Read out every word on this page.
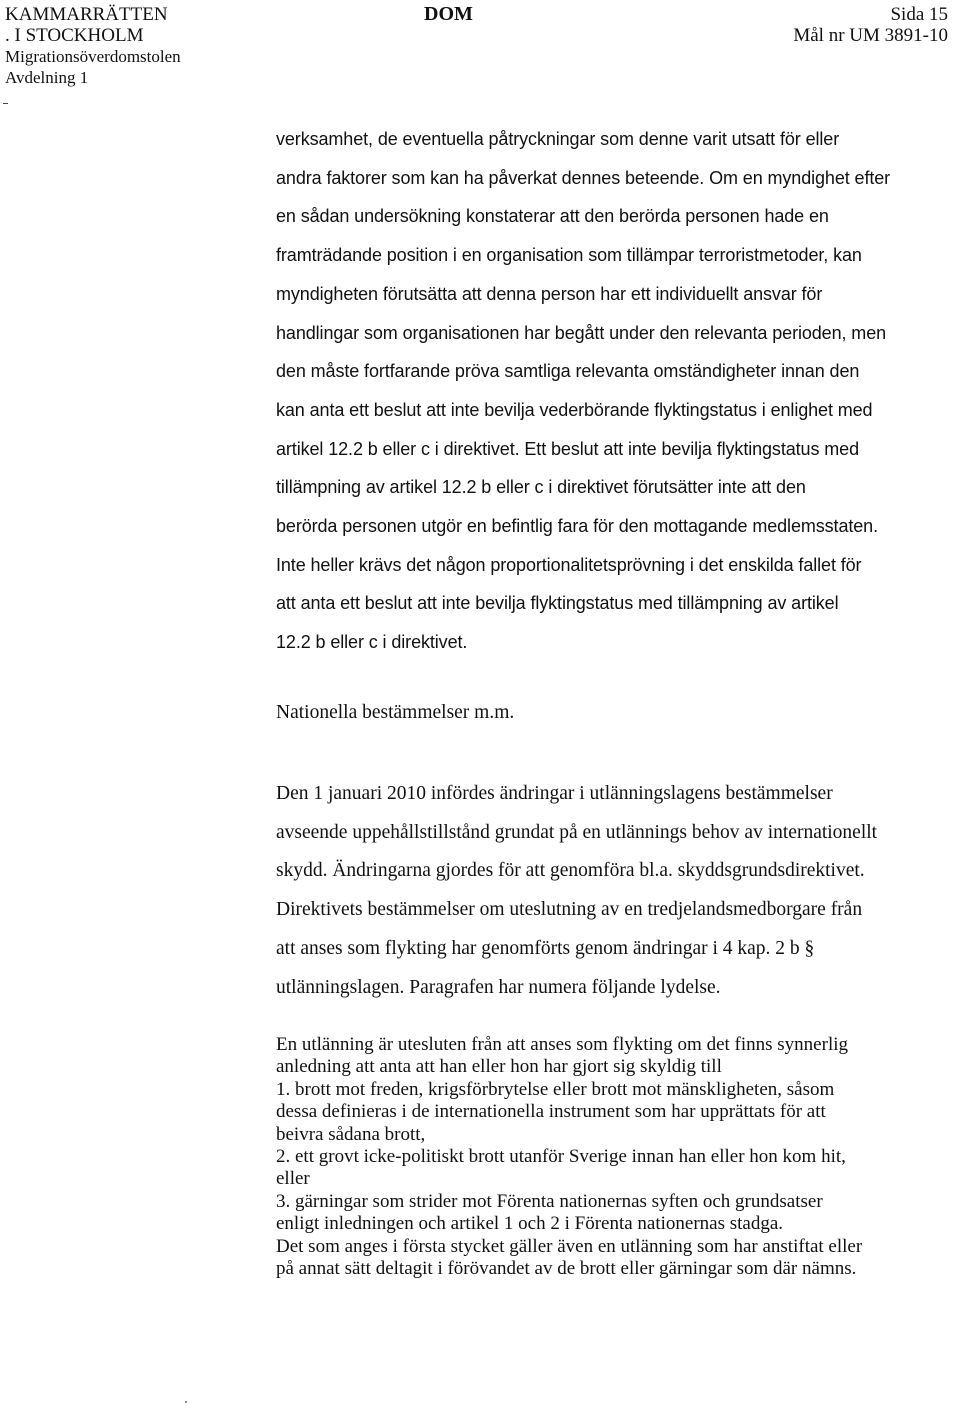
KAMMARRÄTTEN
. I STOCKHOLM
Migrationsöverdomstolen
Avdelning 1
DOM	Sida 15
Mål nr UM 3891-10

verksamhet, de eventuella påtryckningar som denne varit utsatt för eller
andra faktorer som kan ha påverkat dennes beteende. Om en myndighet efter
en sådan undersökning konstaterar att den berörda personen hade en
framträdande position i en organisation som tillämpar terroristmetoder, kan
myndigheten förutsätta att denna person har ett individuellt ansvar för
handlingar som organisationen har begått under den relevanta perioden, men
den måste fortfarande pröva samtliga relevanta omständigheter innan den
kan anta ett beslut att inte bevilja vederbörande flyktingstatus i enlighet med
artikel 12.2 b eller c i direktivet. Ett beslut att inte bevilja flyktingstatus med
tillämpning av artikel 12.2 b eller c i direktivet förutsätter inte att den
berörda personen utgör en befintlig fara för den mottagande medlemsstaten.
Inte heller krävs det någon proportionalitetsprövning i det enskilda fallet för
att anta ett beslut att inte bevilja flyktingstatus med tillämpning av artikel
12.2 b eller c i direktivet.

Nationella bestämmelser m.m.

Den 1 januari 2010 infördes ändringar i utlänningslagens bestämmelser
avseende uppehållstillstånd grundat på en utlännings behov av internationellt
skydd. Ändringarna gjordes för att genomföra bl.a. skyddsgrundsdirektivet.
Direktivets bestämmelser om uteslutning av en tredjelandsmedborgare från
att anses som flykting har genomförts genom ändringar i 4 kap. 2 b §
utlänningslagen. Paragrafen har numera följande lydelse.

En utlänning är utesluten från att anses som flykting om det finns synnerlig
anledning att anta att han eller hon har gjort sig skyldig till
1. brott mot freden, krigsförbrytelse eller brott mot mänskligheten, såsom
dessa definieras i de internationella instrument som har upprättats för att
beivra sådana brott,
2. ett grovt icke-politiskt brott utanför Sverige innan han eller hon kom hit,
eller
3. gärningar som strider mot Förenta nationernas syften och grundsatser
enligt inledningen och artikel 1 och 2 i Förenta nationernas stadga.
Det som anges i första stycket gäller även en utlänning som har anstiftat eller
på annat sätt deltagit i förövandet av de brott eller gärningar som där nämns.
